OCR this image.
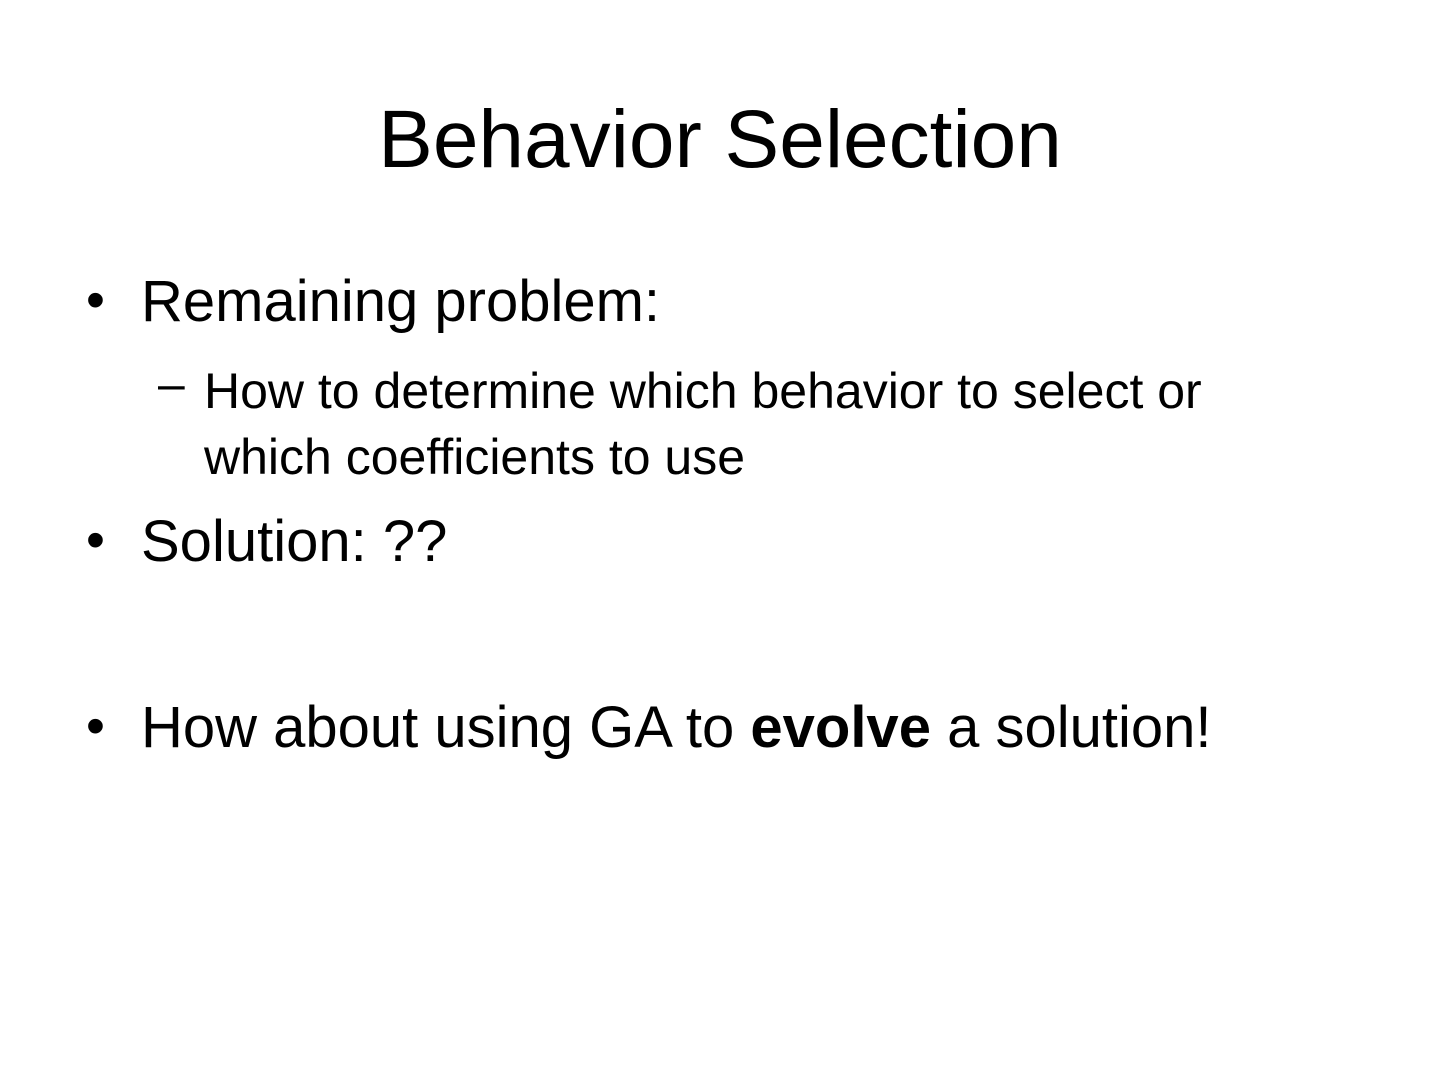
Behavior Selection
• Remaining problem:
– How to determine which behavior to select or
which coefficients to use
• Solution: ??
• How about using GA to evolve a solution!
